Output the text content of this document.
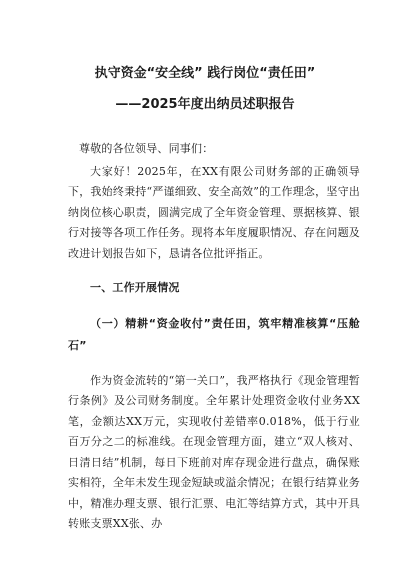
执守资金“安全线” 践行岗位“责任田”
——2025年度出纳员述职报告

尊敬的各位领导、同事们：

大家好！2025年，在XX有限公司财务部的正确领导下，我始终秉持“严谨细致、安全高效”的工作理念，坚守出纳岗位核心职责，圆满完成了全年资金管理、票据核算、银行对接等各项工作任务。现将本年度履职情况、存在问题及改进计划报告如下，恳请各位批评指正。

一、工作开展情况

（一）精耕“资金收付”责任田，筑牢精准核算“压舱石”

作为资金流转的“第一关口”，我严格执行《现金管理暂行条例》及公司财务制度。全年累计处理资金收付业务XX笔，金额达XX万元，实现收付差错率0.018%，低于行业百万分之二的标准线。在现金管理方面，建立“双人核对、日清日结”机制，每日下班前对库存现金进行盘点，确保账实相符，全年未发生现金短缺或溢余情况；在银行结算业务中，精准办理支票、银行汇票、电汇等结算方式，其中开具转账支票XX张、办
